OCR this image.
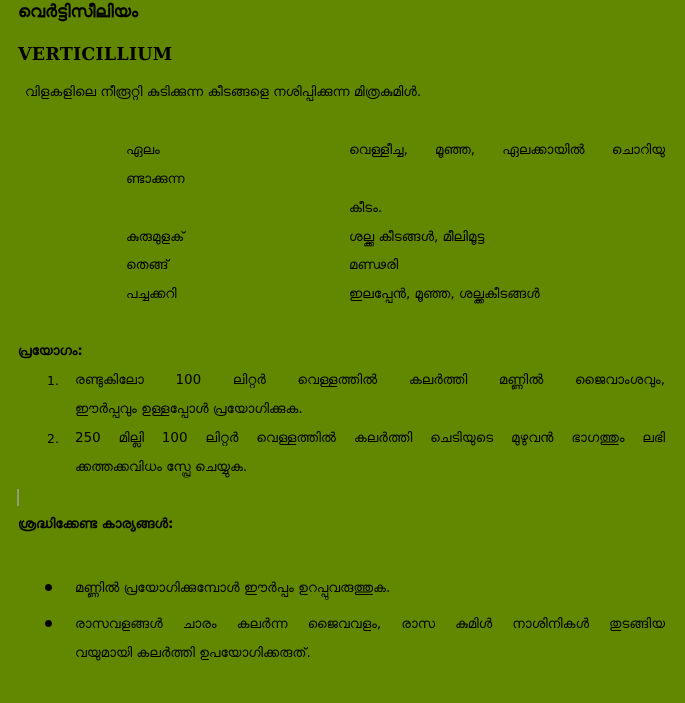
വെർട്ടിസീലിയം
VERTICILLIUM
വിളകളിലെ നീരൂറ്റി കുടിക്കുന്ന കീടങ്ങളെ നശിപ്പിക്കുന്ന മിത്രകുമിൾ.
ഏലം	വെള്ളീച്ച, മൂഞ്ഞ, ഏലക്കായിൽ ചൊറിയു
ണ്ടാക്കുന്ന
കീടം.
കുരുമുളക്	ശല്ക്ക കീടങ്ങൾ, മീലിമൂട്ട
തെങ്ങ്	മണ്ഢരി
പച്ചക്കറി	ഇലപ്പേൻ, മൂഞ്ഞ, ശല്ക്കകീടങ്ങൾ
പ്രയോഗം:
1. രണ്ടുകിലോ 100 ലിറ്റർ വെള്ളത്തിൽ കലർത്തി മണ്ണിൽ ജൈവാംശവും,
ഈർപ്പവും ഉള്ളപ്പോൾ പ്രയോഗിക്കുക.
2. 250 മില്ലി 100 ലിറ്റർ വെള്ളത്തിൽ കലർത്തി ചെടിയുടെ മുഴുവൻ ഭാഗത്തും ലഭി
ക്കത്തക്കവിധം സ്പ്രേ ചെയ്യുക.
ശ്രദ്ധിക്കേണ്ട കാര്യങ്ങൾ:
മണ്ണിൽ പ്രയോഗിക്കുമ്പോൾ ഈർപ്പം ഉറപ്പുവരുത്തുക.
രാസവളങ്ങൾ ചാരം കലർന്ന ജൈവവളം, രാസ കുമിൾ നാശിനികൾ തുടങ്ങിയ
വയുമായി കലർത്തി ഉപയോഗിക്കരുത്.
